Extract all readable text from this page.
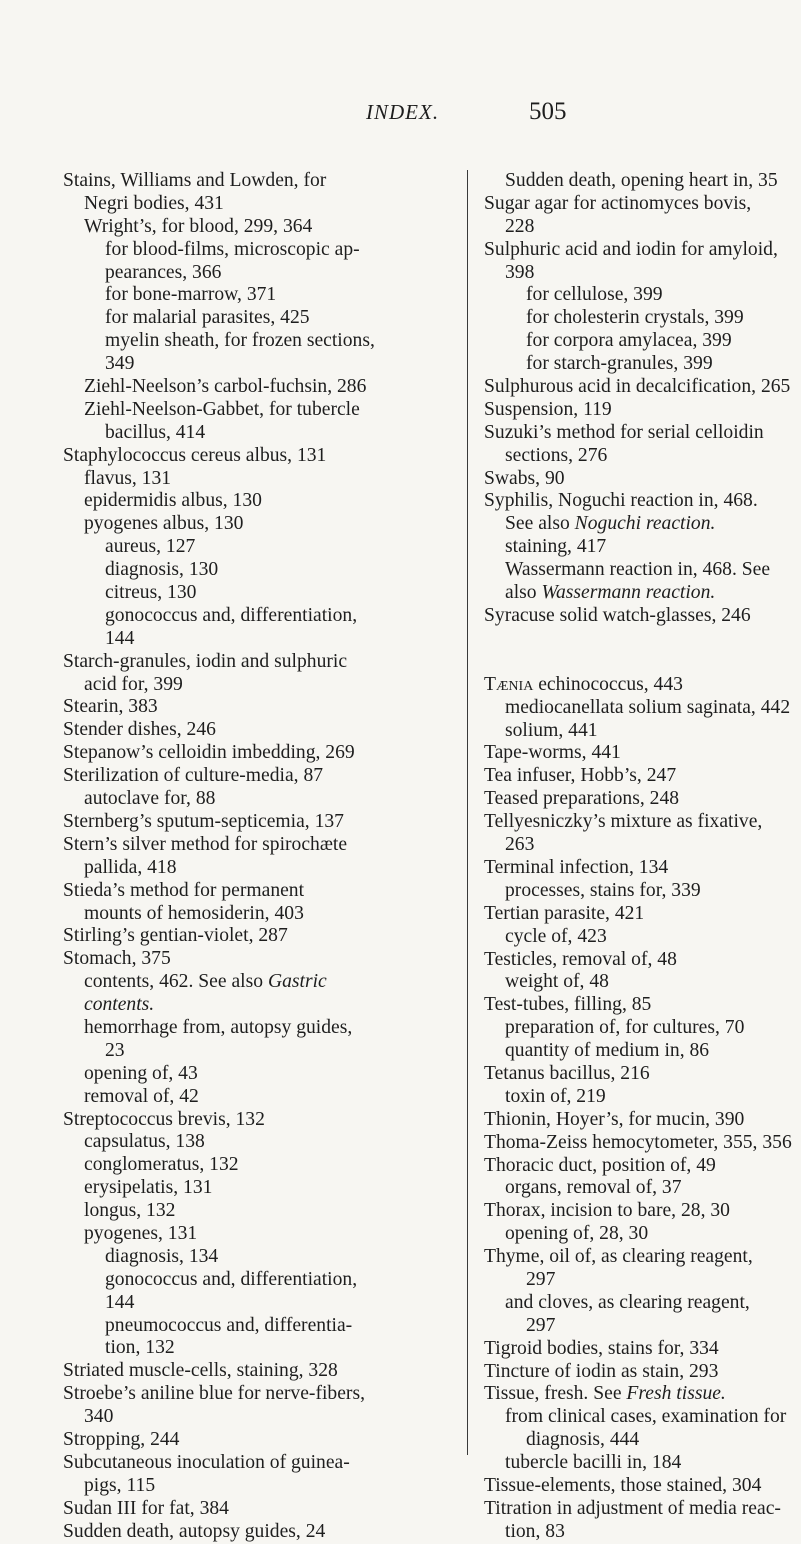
INDEX.	505
Stains, Williams and Lowden, for
Negri bodies, 431
Wright’s, for blood, 299, 364
for blood-films, microscopic ap-
pearances, 366
for bone-marrow, 371
for malarial parasites, 425
myelin sheath, for frozen sections,
349
Ziehl-Neelson’s carbol-fuchsin, 286
Ziehl-Neelson-Gabbet, for tubercle
bacillus, 414
Staphylococcus cereus albus, 131
flavus, 131
epidermidis albus, 130
pyogenes albus, 130
aureus, 127
diagnosis, 130
citreus, 130
gonococcus and, differentiation,
144
Starch-granules, iodin and sulphuric
acid for, 399
Stearin, 383
Stender dishes, 246
Stepanow’s celloidin imbedding, 269
Sterilization of culture-media, 87
autoclave for, 88
Sternberg’s sputum-septicemia, 137
Stern’s silver method for spirochæte
pallida, 418
Stieda’s method for permanent
mounts of hemosiderin, 403
Stirling’s gentian-violet, 287
Stomach, 375
contents, 462. See also Gastric
contents.
hemorrhage from, autopsy guides,
23
opening of, 43
removal of, 42
Streptococcus brevis, 132
capsulatus, 138
conglomeratus, 132
erysipelatis, 131
longus, 132
pyogenes, 131
diagnosis, 134
gonococcus and, differentiation,
144
pneumococcus and, differentia-
tion, 132
Striated muscle-cells, staining, 328
Stroebe’s aniline blue for nerve-fibers,
340
Stropping, 244
Subcutaneous inoculation of guinea-
pigs, 115
Sudan III for fat, 384
Sudden death, autopsy guides, 24
Sudden death, opening heart in, 35
Sugar agar for actinomyces bovis,
228
Sulphuric acid and iodin for amyloid,
398
for cellulose, 399
for cholesterin crystals, 399
for corpora amylacea, 399
for starch-granules, 399
Sulphurous acid in decalcification, 265
Suspension, 119
Suzuki’s method for serial celloidin
sections, 276
Swabs, 90
Syphilis, Noguchi reaction in, 468.
See also Noguchi reaction.
staining, 417
Wassermann reaction in, 468. See
also Wassermann reaction.
Syracuse solid watch-glasses, 246
Tænia echinococcus, 443
mediocanellata solium saginata, 442
solium, 441
Tape-worms, 441
Tea infuser, Hobb’s, 247
Teased preparations, 248
Tellyesniczky’s mixture as fixative,
263
Terminal infection, 134
processes, stains for, 339
Tertian parasite, 421
cycle of, 423
Testicles, removal of, 48
weight of, 48
Test-tubes, filling, 85
preparation of, for cultures, 70
quantity of medium in, 86
Tetanus bacillus, 216
toxin of, 219
Thionin, Hoyer’s, for mucin, 390
Thoma-Zeiss hemocytometer, 355, 356
Thoracic duct, position of, 49
organs, removal of, 37
Thorax, incision to bare, 28, 30
opening of, 28, 30
Thyme, oil of, as clearing reagent,
297
and cloves, as clearing reagent,
297
Tigroid bodies, stains for, 334
Tincture of iodin as stain, 293
Tissue, fresh. See Fresh tissue.
from clinical cases, examination for
diagnosis, 444
tubercle bacilli in, 184
Tissue-elements, those stained, 304
Titration in adjustment of media reac-
tion, 83
